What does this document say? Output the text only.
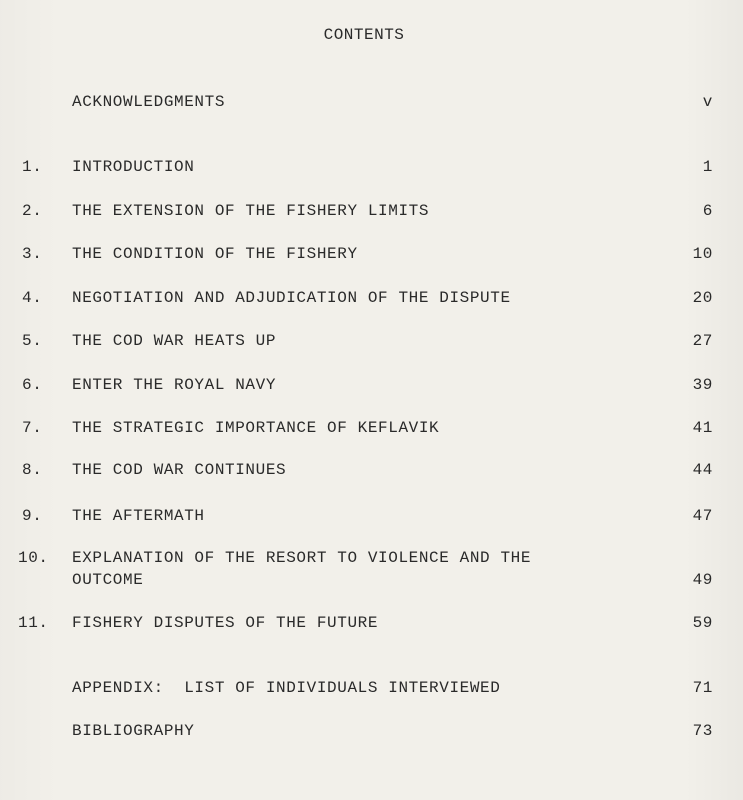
CONTENTS
ACKNOWLEDGMENTS	v
1.	INTRODUCTION	1
2.	THE EXTENSION OF THE FISHERY LIMITS	6
3.	THE CONDITION OF THE FISHERY	10
4.	NEGOTIATION AND ADJUDICATION OF THE DISPUTE	20
5.	THE COD WAR HEATS UP	27
6.	ENTER THE ROYAL NAVY	39
7.	THE STRATEGIC IMPORTANCE OF KEFLAVIK	41
8.	THE COD WAR CONTINUES	44
9.	THE AFTERMATH	47
10.	EXPLANATION OF THE RESORT TO VIOLENCE AND THE
OUTCOME	49
11.	FISHERY DISPUTES OF THE FUTURE	59
APPENDIX:  LIST OF INDIVIDUALS INTERVIEWED	71
BIBLIOGRAPHY	73
